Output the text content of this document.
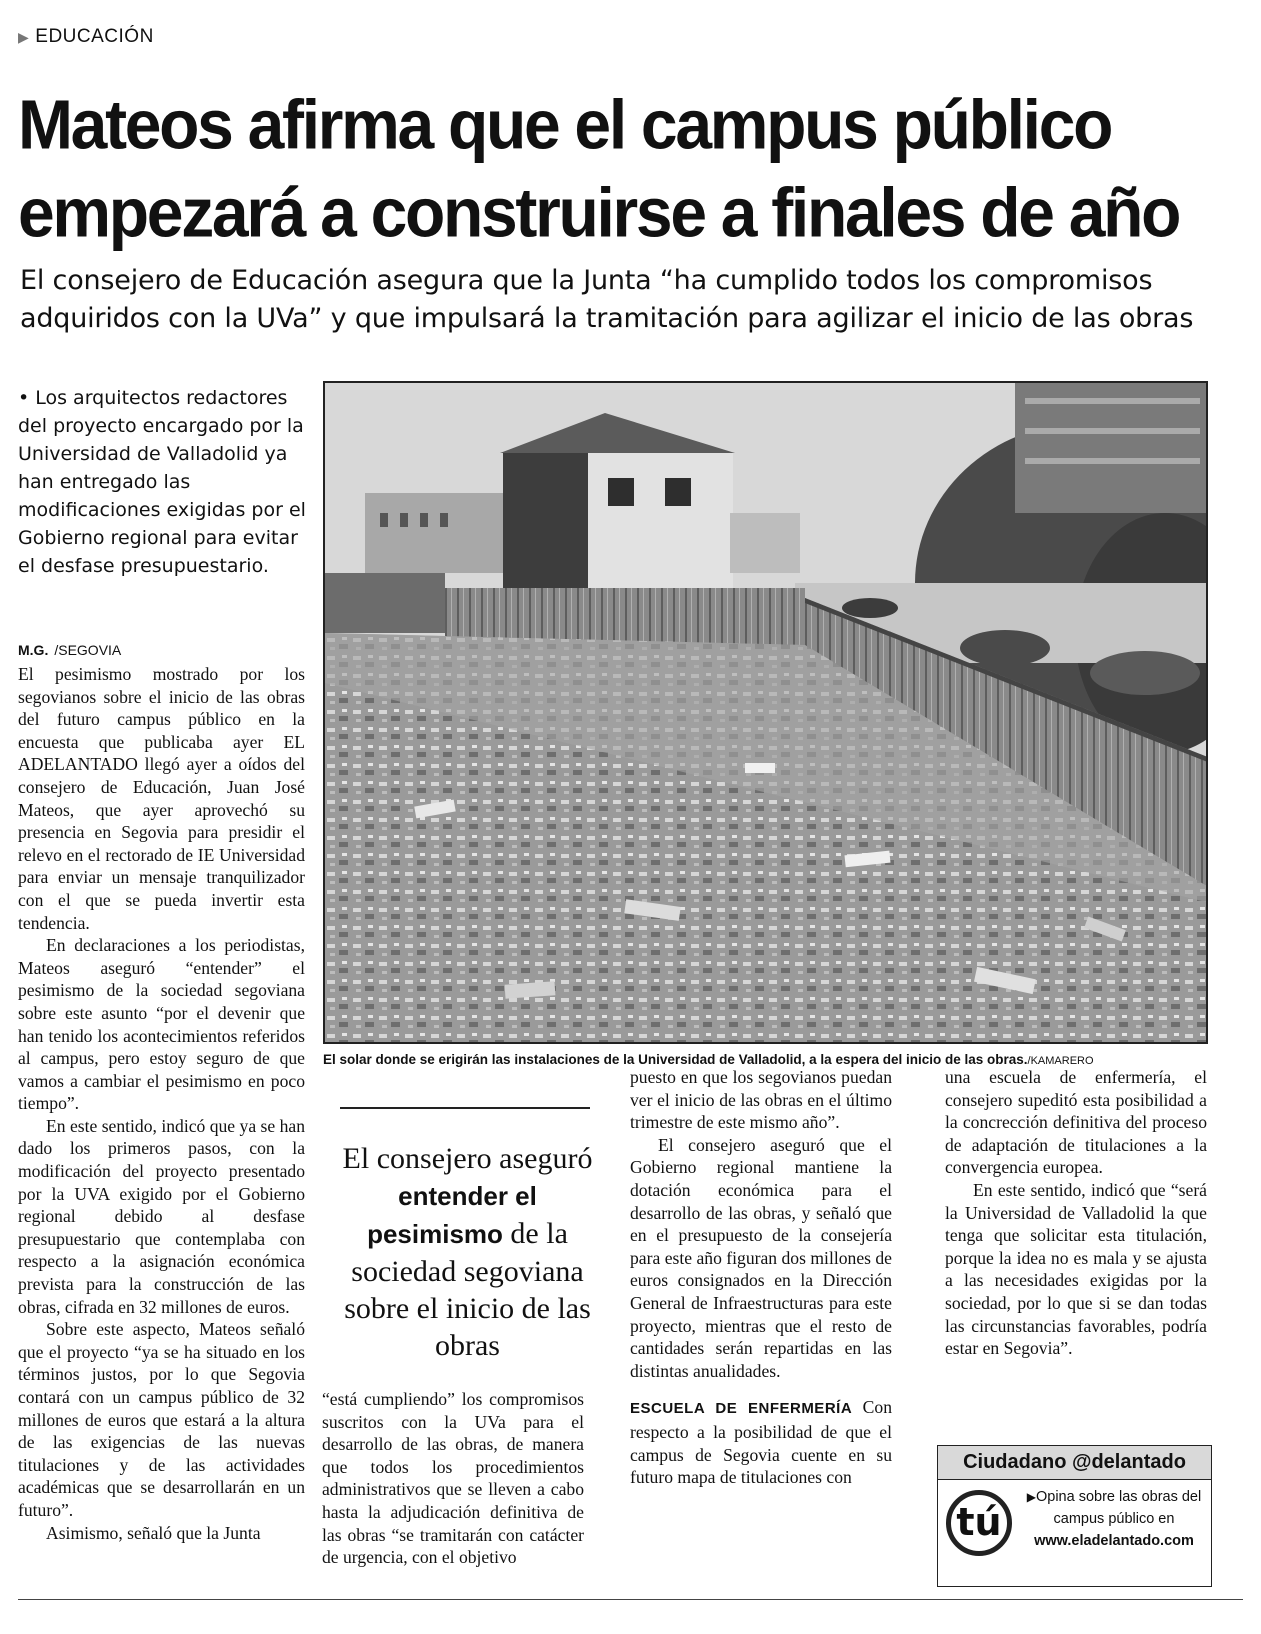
▶ EDUCACIÓN
Mateos afirma que el campus público
empezará a construirse a finales de año
El consejero de Educación asegura que la Junta “ha cumplido todos los compromisos
adquiridos con la UVa” y que impulsará la tramitación para agilizar el inicio de las obras
• Los arquitectos redactores del proyecto encargado por la Universidad de Valladolid ya han entregado las modificaciones exigidas por el Gobierno regional para evitar el desfase presupuestario.
M.G. /SEGOVIA

El pesimismo mostrado por los segovianos sobre el inicio de las obras del futuro campus público en la encuesta que publicaba ayer EL ADELANTADO llegó ayer a oídos del consejero de Educación, Juan José Mateos, que ayer aprovechó su presencia en Segovia para presidir el relevo en el rectorado de IE Universidad para enviar un mensaje tranquilizador con el que se pueda invertir esta tendencia.

En declaraciones a los periodistas, Mateos aseguró “entender” el pesimismo de la sociedad segoviana sobre este asunto “por el devenir que han tenido los acontecimientos referidos al campus, pero estoy seguro de que vamos a cambiar el pesimismo en poco tiempo”.

En este sentido, indicó que ya se han dado los primeros pasos, con la modificación del proyecto presentado por la UVA exigido por el Gobierno regional debido al desfase presupuestario que contemplaba con respecto a la asignación económica prevista para la construcción de las obras, cifrada en 32 millones de euros.

Sobre este aspecto, Mateos señaló que el proyecto “ya se ha situado en los términos justos, por lo que Segovia contará con un campus público de 32 millones de euros que estará a la altura de las exigencias de las nuevas titulaciones y de las actividades académicas que se desarrollarán en un futuro”.

Asimismo, señaló que la Junta

El solar donde se erigirán las instalaciones de la Universidad de Valladolid, a la espera del inicio de las obras./KAMARERO
El consejero aseguró entender el pesimismo de la sociedad segoviana sobre el inicio de las obras

“está cumpliendo” los compromisos suscritos con la UVa para el desarrollo de las obras, de manera que todos los procedimientos administrativos que se lleven a cabo hasta la adjudicación definitiva de las obras “se tramitarán con catácter de urgencia, con el objetivo

puesto en que los segovianos puedan ver el inicio de las obras en el último trimestre de este mismo año”.

El consejero aseguró que el Gobierno regional mantiene la dotación económica para el desarrollo de las obras, y señaló que en el presupuesto de la consejería para este año figuran dos millones de euros consignados en la Dirección General de Infraestructuras para este proyecto, mientras que el resto de cantidades serán repartidas en las distintas anualidades.

ESCUELA DE ENFERMERÍA Con respecto a la posibilidad de que el campus de Segovia cuente en su futuro mapa de titulaciones con

una escuela de enfermería, el consejero supeditó esta posibilidad a la concrección definitiva del proceso de adaptación de titulaciones a la convergencia europea.

En este sentido, indicó que “será la Universidad de Valladolid la que tenga que solicitar esta titulación, porque la idea no es mala y se ajusta a las necesidades exigidas por la sociedad, por lo que si se dan todas las circunstancias favorables, podría estar en Segovia”.

Ciudadano @delantado
tú
▶Opina sobre las obras del campus público en
www.eladelantado.com
